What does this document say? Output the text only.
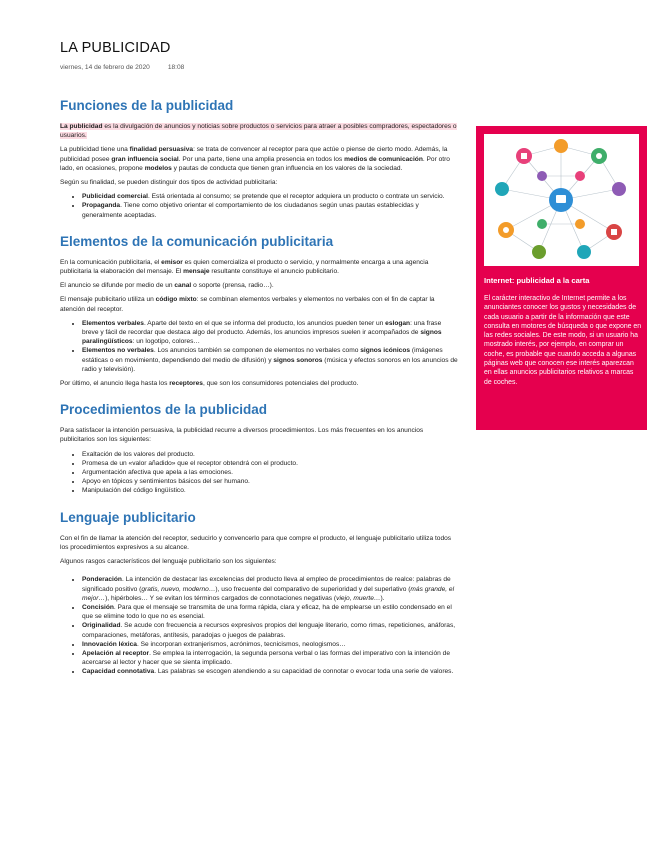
LA PUBLICIDAD
viernes, 14 de febrero de 2020	18:08
Funciones de la publicidad

La publicidad es la divulgación de anuncios y noticias sobre productos o servicios para atraer a posibles compradores, espectadores o usuarios.

La publicidad tiene una finalidad persuasiva: se trata de convencer al receptor para que actúe o piense de cierto modo. Además, la publicidad posee gran influencia social. Por una parte, tiene una amplia presencia en todos los medios de comunicación. Por otro lado, en ocasiones, propone modelos y pautas de conducta que tienen gran influencia en los valores de la sociedad.

Según su finalidad, se pueden distinguir dos tipos de actividad publicitaria:

• Publicidad comercial. Está orientada al consumo; se pretende que el receptor adquiera un producto o contrate un servicio.
• Propaganda. Tiene como objetivo orientar el comportamiento de los ciudadanos según unas pautas establecidas y generalmente aceptadas.
Elementos de la comunicación publicitaria

En la comunicación publicitaria, el emisor es quien comercializa el producto o servicio, y normalmente encarga a una agencia publicitaria la elaboración del mensaje. El mensaje resultante constituye el anuncio publicitario.

El anuncio se difunde por medio de un canal o soporte (prensa, radio…).

El mensaje publicitario utiliza un código mixto: se combinan elementos verbales y elementos no verbales con el fin de captar la atención del receptor.

• Elementos verbales. Aparte del texto en el que se informa del producto, los anuncios pueden tener un eslogan: una frase breve y fácil de recordar que destaca algo del producto. Además, los anuncios impresos suelen ir acompañados de signos paralingüísticos: un logotipo, colores…
• Elementos no verbales. Los anuncios también se componen de elementos no verbales como signos icónicos (imágenes estáticas o en movimiento, dependiendo del medio de difusión) y signos sonoros (música y efectos sonoros en los anuncios de radio y televisión).

Por último, el anuncio llega hasta los receptores, que son los consumidores potenciales del producto.

Procedimientos de la publicidad

Para satisfacer la intención persuasiva, la publicidad recurre a diversos procedimientos. Los más frecuentes en los anuncios publicitarios son los siguientes:

• Exaltación de los valores del producto.
• Promesa de un «valor añadido» que el receptor obtendrá con el producto.
• Argumentación afectiva que apela a las emociones.
• Apoyo en tópicos y sentimientos básicos del ser humano.
• Manipulación del código lingüístico.
Lenguaje publicitario

Con el fin de llamar la atención del receptor, seducirlo y convencerlo para que compre el producto, el lenguaje publicitario utiliza todos los procedimientos expresivos a su alcance.

Algunos rasgos característicos del lenguaje publicitario son los siguientes:

• Ponderación. La intención de destacar las excelencias del producto lleva al empleo de procedimientos de realce: palabras de significado positivo (gratis, nuevo, moderno…), uso frecuente del comparativo de superioridad y del superlativo (más grande, el mejor…), hipérboles… Y se evitan los términos cargados de connotaciones negativas (viejo, muerte…).
• Concisión. Para que el mensaje se transmita de una forma rápida, clara y eficaz, ha de emplearse un estilo condensado en el que se elimine todo lo que no es esencial.
• Originalidad. Se acude con frecuencia a recursos expresivos propios del lenguaje literario, como rimas, repeticiones, anáforas, comparaciones, metáforas, antítesis, paradojas o juegos de palabras.
• Innovación léxica. Se incorporan extranjerismos, acrónimos, tecnicismos, neologismos…
• Apelación al receptor. Se emplea la interrogación, la segunda persona verbal o las formas del imperativo con la intención de acercarse al lector y hacer que se sienta implicado.
• Capacidad connotativa. Las palabras se escogen atendiendo a su capacidad de connotar o evocar toda una serie de valores.
Internet: publicidad a la carta
El carácter interactivo de Internet permite a los anunciantes conocer los gustos y necesidades de cada usuario a partir de la información que este consulta en motores de búsqueda o que expone en las redes sociales. De este modo, si un usuario ha mostrado interés, por ejemplo, en comprar un coche, es probable que cuando acceda a algunas páginas web que conocen ese interés aparezcan en ellas anuncios publicitarios relativos a marcas de coches.
